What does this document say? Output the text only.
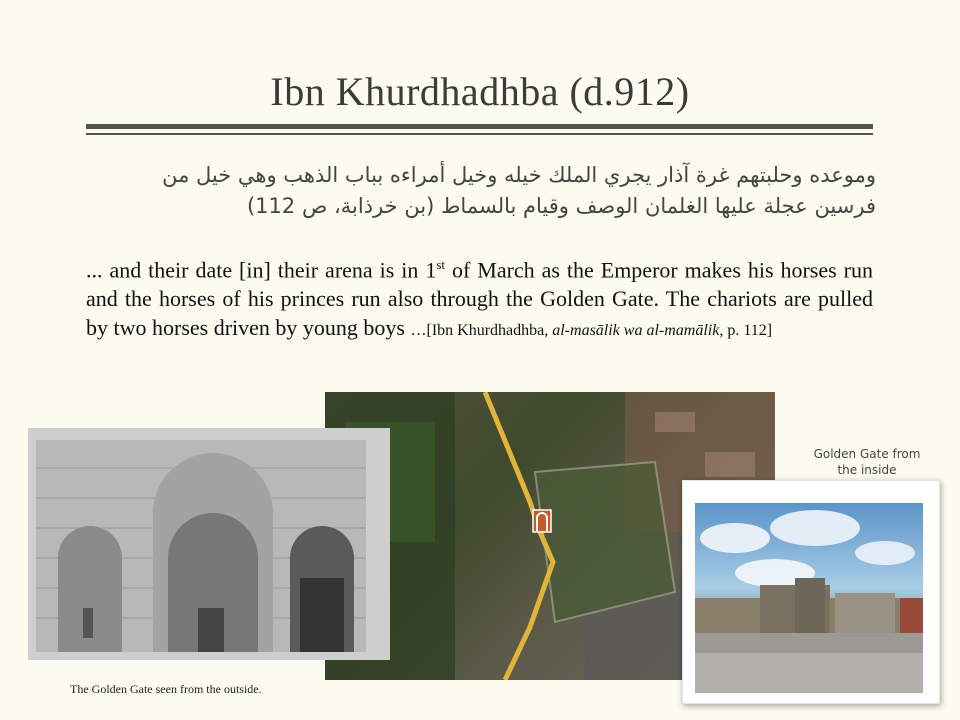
Ibn Khurdhadhba (d.912)
وموعده وحلبتهم غرة آذار يجري الملك خيله وخيل أمراءه بباب الذهب وهي خيل من
فرسين عجلة عليها الغلمان الوصف وقيام بالسماط (بن خرذابة، ص 112)
... and their date [in] their arena is in 1st of March as the Emperor makes his horses run and the horses of his princes run also through the Golden Gate. The chariots are pulled by two horses driven by young boys …[Ibn Khurdhadhba, al-masālik wa al-mamālik, p. 112]
The Golden Gate seen from the outside.
Golden Gate from the inside
